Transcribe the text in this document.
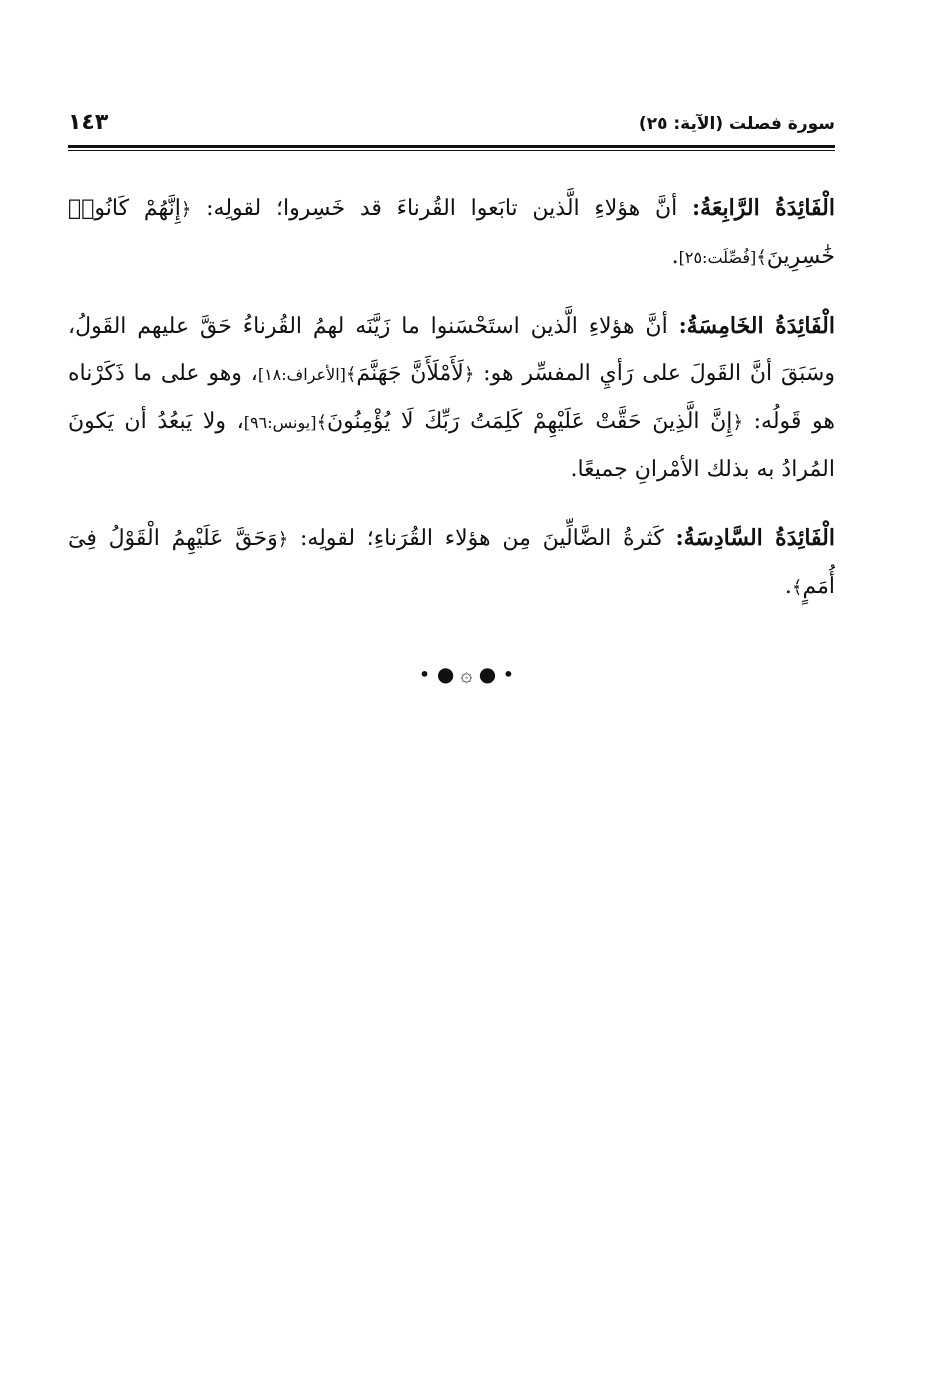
سورة فصلت (الآية: ٢٥)
١٤٣

الْفَائِدَةُ الرَّابِعَةُ: أنَّ هؤلاءِ الَّذين تابَعوا القُرناءَ قد خَسِروا؛ لقولِه: ﴿إِنَّهُمْ كَانُوا۟ خَٰسِرِينَ﴾[فُصِّلَت:٢٥].

الْفَائِدَةُ الخَامِسَةُ: أنَّ هؤلاءِ الَّذين استَحْسَنوا ما زَيَّنَه لهمُ القُرناءُ حَقَّ عليهم القَولُ، وسَبَقَ أنَّ القَولَ على رَأيِ المفسِّر هو: ﴿لَأَمْلَأَنَّ جَهَنَّمَ﴾[الأعراف:١٨]، وهو على ما ذَكَرْناه هو قَولُه: ﴿إِنَّ الَّذِينَ حَقَّتْ عَلَيْهِمْ كَلِمَتُ رَبِّكَ لَا يُؤْمِنُونَ﴾[يونس:٩٦]، ولا يَبعُدُ أن يَكونَ المُرادُ به بذلك الأمْرانِ جميعًا.

الْفَائِدَةُ السَّادِسَةُ: كَثرةُ الضَّالِّينَ مِن هؤلاء القُرَناءِ؛ لقولِه: ﴿وَحَقَّ عَلَيْهِمُ الْقَوْلُ فِىٓ أُمَمٍ﴾.

• ● ۞ ● •
